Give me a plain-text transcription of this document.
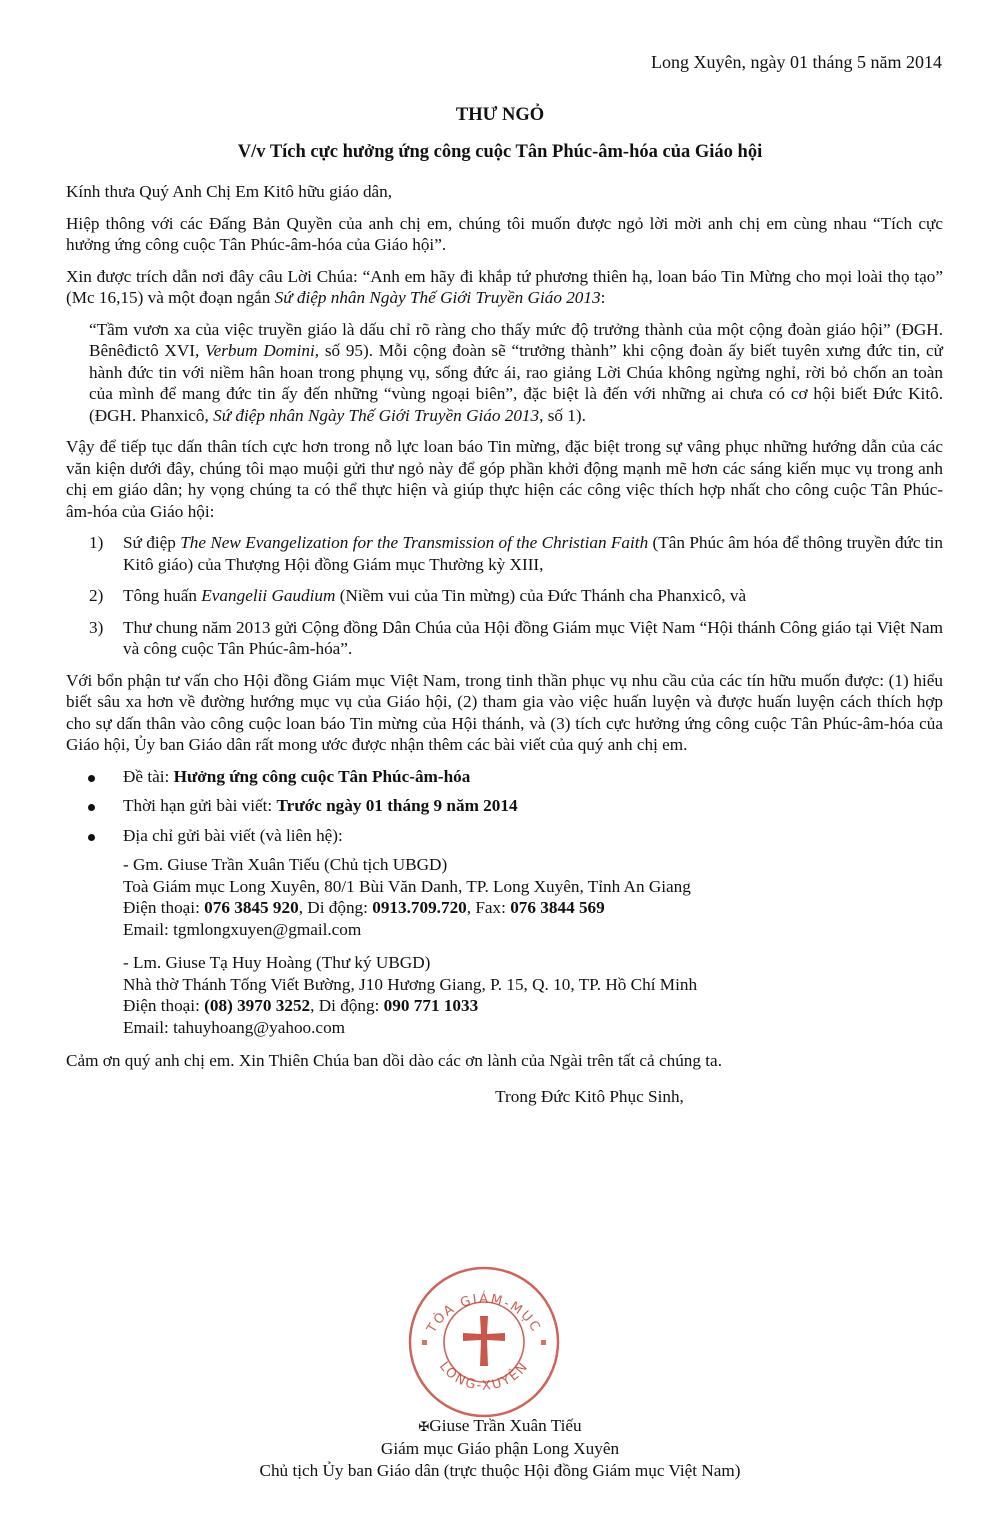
Long Xuyên, ngày 01 tháng 5 năm 2014
THƯ NGỎ
V/v Tích cực hưởng ứng công cuộc Tân Phúc-âm-hóa của Giáo hội

Kính thưa Quý Anh Chị Em Kitô hữu giáo dân,

Hiệp thông với các Đấng Bản Quyền của anh chị em, chúng tôi muốn được ngỏ lời mời anh chị em cùng nhau “Tích cực hưởng ứng công cuộc Tân Phúc-âm-hóa của Giáo hội”.

Xin được trích dẫn nơi đây câu Lời Chúa: “Anh em hãy đi khắp tứ phương thiên hạ, loan báo Tin Mừng cho mọi loài thọ tạo” (Mc 16,15) và một đoạn ngắn Sứ điệp nhân Ngày Thế Giới Truyền Giáo 2013:

“Tầm vươn xa của việc truyền giáo là dấu chỉ rõ ràng cho thấy mức độ trưởng thành của một cộng đoàn giáo hội” (ĐGH. Bênêđictô XVI, Verbum Domini, số 95). Mỗi cộng đoàn sẽ “trưởng thành” khi cộng đoàn ấy biết tuyên xưng đức tin, cử hành đức tin với niềm hân hoan trong phụng vụ, sống đức ái, rao giảng Lời Chúa không ngừng nghỉ, rời bỏ chốn an toàn của mình để mang đức tin ấy đến những “vùng ngoại biên”, đặc biệt là đến với những ai chưa có cơ hội biết Đức Kitô. (ĐGH. Phanxicô, Sứ điệp nhân Ngày Thế Giới Truyền Giáo 2013, số 1).

Vậy để tiếp tục dấn thân tích cực hơn trong nỗ lực loan báo Tin mừng, đặc biệt trong sự vâng phục những hướng dẫn của các văn kiện dưới đây, chúng tôi mạo muội gửi thư ngỏ này để góp phần khởi động mạnh mẽ hơn các sáng kiến mục vụ trong anh chị em giáo dân; hy vọng chúng ta có thể thực hiện và giúp thực hiện các công việc thích hợp nhất cho công cuộc Tân Phúc-âm-hóa của Giáo hội:

1) Sứ điệp The New Evangelization for the Transmission of the Christian Faith (Tân Phúc âm hóa để thông truyền đức tin Kitô giáo) của Thượng Hội đồng Giám mục Thường kỳ XIII,
2) Tông huấn Evangelii Gaudium (Niềm vui của Tin mừng) của Đức Thánh cha Phanxicô, và
3) Thư chung năm 2013 gửi Cộng đồng Dân Chúa của Hội đồng Giám mục Việt Nam “Hội thánh Công giáo tại Việt Nam và công cuộc Tân Phúc-âm-hóa”.

Với bổn phận tư vấn cho Hội đồng Giám mục Việt Nam, trong tinh thần phục vụ nhu cầu của các tín hữu muốn được: (1) hiểu biết sâu xa hơn về đường hướng mục vụ của Giáo hội, (2) tham gia vào việc huấn luyện và được huấn luyện cách thích hợp cho sự dấn thân vào công cuộc loan báo Tin mừng của Hội thánh, và (3) tích cực hưởng ứng công cuộc Tân Phúc-âm-hóa của Giáo hội, Ủy ban Giáo dân rất mong ước được nhận thêm các bài viết của quý anh chị em.

Đề tài: Hưởng ứng công cuộc Tân Phúc-âm-hóa
Thời hạn gửi bài viết: Trước ngày 01 tháng 9 năm 2014
Địa chỉ gửi bài viết (và liên hệ):
- Gm. Giuse Trần Xuân Tiếu (Chủ tịch UBGD)
Toà Giám mục Long Xuyên, 80/1 Bùi Văn Danh, TP. Long Xuyên, Tỉnh An Giang
Điện thoại: 076 3845 920, Di động: 0913.709.720, Fax: 076 3844 569
Email: tgmlongxuyen@gmail.com
- Lm. Giuse Tạ Huy Hoàng (Thư ký UBGD)
Nhà thờ Thánh Tống Viết Bường, J10 Hương Giang, P. 15, Q. 10, TP. Hồ Chí Minh
Điện thoại: (08) 3970 3252, Di động: 090 771 1033
Email: tahuyhoang@yahoo.com

Cảm ơn quý anh chị em. Xin Thiên Chúa ban dồi dào các ơn lành của Ngài trên tất cả chúng ta.

Trong Đức Kitô Phục Sinh,

TÒA GIÁM-MỤC
LONG-XUYÊN
✠Giuse Trần Xuân Tiếu
Giám mục Giáo phận Long Xuyên
Chủ tịch Ủy ban Giáo dân (trực thuộc Hội đồng Giám mục Việt Nam)
